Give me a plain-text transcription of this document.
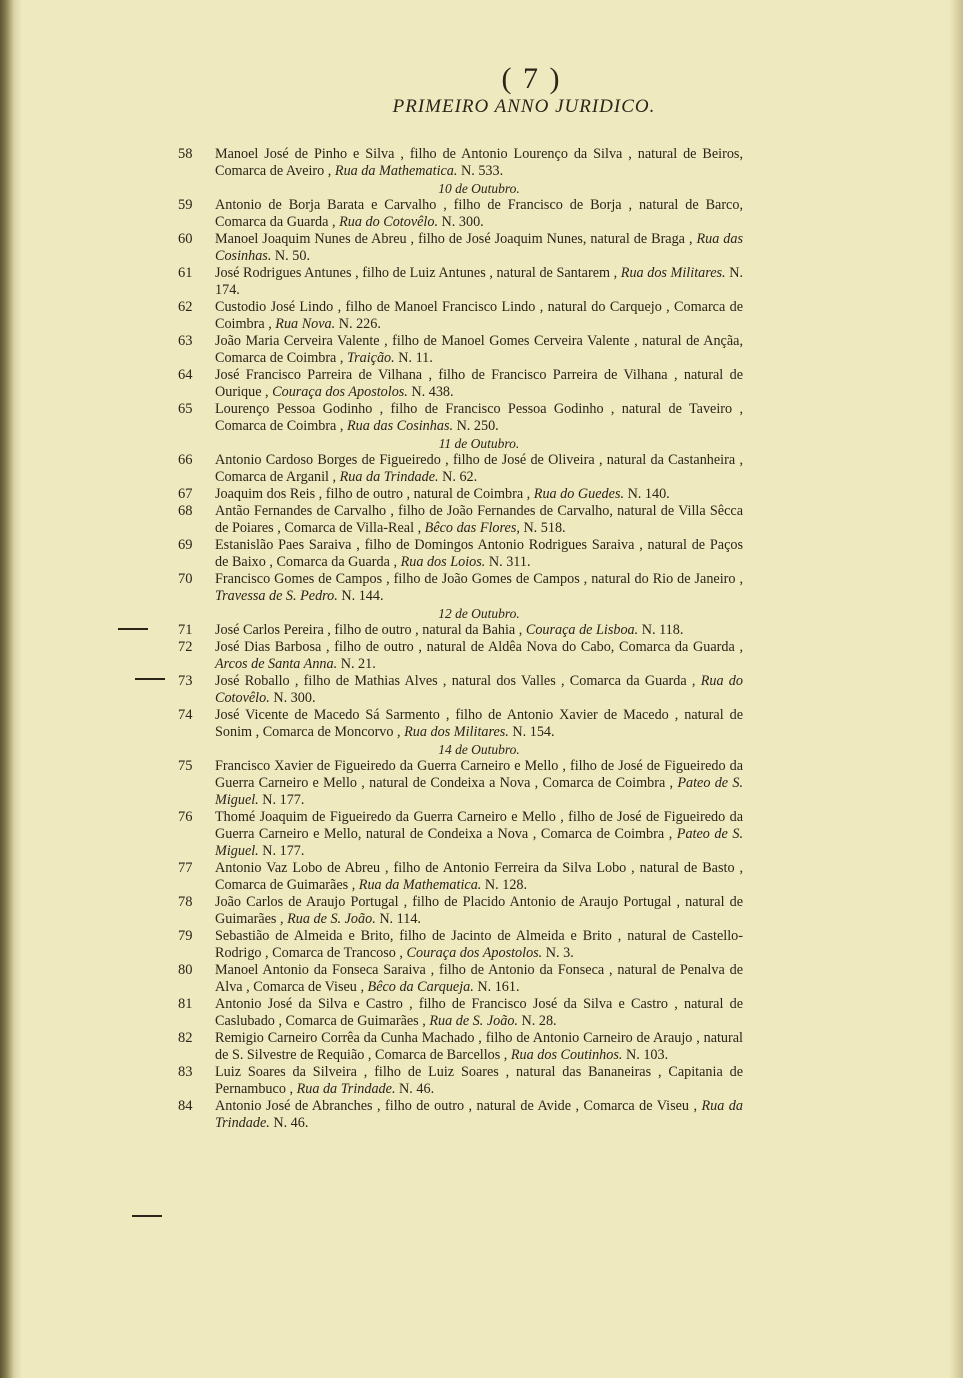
( 7 )
PRIMEIRO ANNO JURIDICO.
58	Manoel José de Pinho e Silva , filho de Antonio Lourenço da Silva , natural de Beiros, Comarca de Aveiro , Rua da Mathematica. N. 533.
10 de Outubro.
59	Antonio de Borja Barata e Carvalho , filho de Francisco de Borja , natural de Barco, Comarca da Guarda , Rua do Cotovêlo. N. 300.
60	Manoel Joaquim Nunes de Abreu , filho de José Joaquim Nunes, natural de Braga , Rua das Cosinhas. N. 50.
61	José Rodrigues Antunes , filho de Luiz Antunes , natural de Santarem , Rua dos Militares. N. 174.
62	Custodio José Lindo , filho de Manoel Francisco Lindo , natural do Carquejo , Comarca de Coimbra , Rua Nova. N. 226.
63	João Maria Cerveira Valente , filho de Manoel Gomes Cerveira Valente , natural de Ançãa, Comarca de Coimbra , Traição. N. 11.
64	José Francisco Parreira de Vilhana , filho de Francisco Parreira de Vilhana , natural de Ourique , Couraça dos Apostolos. N. 438.
65	Lourenço Pessoa Godinho , filho de Francisco Pessoa Godinho , natural de Taveiro , Comarca de Coimbra , Rua das Cosinhas. N. 250.
11 de Outubro.
66	Antonio Cardoso Borges de Figueiredo , filho de José de Oliveira , natural da Castanheira , Comarca de Arganil , Rua da Trindade. N. 62.
67	Joaquim dos Reis , filho de outro , natural de Coimbra , Rua do Guedes. N. 140.
68	Antão Fernandes de Carvalho , filho de João Fernandes de Carvalho, natural de Villa Sêcca de Poiares , Comarca de Villa-Real , Bêco das Flores, N. 518.
69	Estanislão Paes Saraiva , filho de Domingos Antonio Rodrigues Saraiva , natural de Paços de Baixo , Comarca da Guarda , Rua dos Loios. N. 311.
70	Francisco Gomes de Campos , filho de João Gomes de Campos , natural do Rio de Janeiro , Travessa de S. Pedro. N. 144.
12 de Outubro.
71	José Carlos Pereira , filho de outro , natural da Bahia , Couraça de Lisboa. N. 118.
72	José Dias Barbosa , filho de outro , natural de Aldêa Nova do Cabo, Comarca da Guarda , Arcos de Santa Anna. N. 21.
73	José Roballo , filho de Mathias Alves , natural dos Valles , Comarca da Guarda , Rua do Cotovêlo. N. 300.
74	José Vicente de Macedo Sá Sarmento , filho de Antonio Xavier de Macedo , natural de Sonim , Comarca de Moncorvo , Rua dos Militares. N. 154.
14 de Outubro.
75	Francisco Xavier de Figueiredo da Guerra Carneiro e Mello , filho de José de Figueiredo da Guerra Carneiro e Mello , natural de Condeixa a Nova , Comarca de Coimbra , Pateo de S. Miguel. N. 177.
76	Thomé Joaquim de Figueiredo da Guerra Carneiro e Mello , filho de José de Figueiredo da Guerra Carneiro e Mello, natural de Condeixa a Nova , Comarca de Coimbra , Pateo de S. Miguel. N. 177.
77	Antonio Vaz Lobo de Abreu , filho de Antonio Ferreira da Silva Lobo , natural de Basto , Comarca de Guimarães , Rua da Mathematica. N. 128.
78	João Carlos de Araujo Portugal , filho de Placido Antonio de Araujo Portugal , natural de Guimarães , Rua de S. João. N. 114.
79	Sebastião de Almeida e Brito, filho de Jacinto de Almeida e Brito , natural de Castello-Rodrigo , Comarca de Trancoso , Couraça dos Apostolos. N. 3.
80	Manoel Antonio da Fonseca Saraiva , filho de Antonio da Fonseca , natural de Penalva de Alva , Comarca de Viseu , Bêco da Carqueja. N. 161.
81	Antonio José da Silva e Castro , filho de Francisco José da Silva e Castro , natural de Caslubado , Comarca de Guimarães , Rua de S. João. N. 28.
82	Remigio Carneiro Corrêa da Cunha Machado , filho de Antonio Carneiro de Araujo , natural de S. Silvestre de Requião , Comarca de Barcellos , Rua dos Coutinhos. N. 103.
83	Luiz Soares da Silveira , filho de Luiz Soares , natural das Bananeiras , Capitania de Pernambuco , Rua da Trindade. N. 46.
84	Antonio José de Abranches , filho de outro , natural de Avide , Comarca de Viseu , Rua da Trindade. N. 46.
